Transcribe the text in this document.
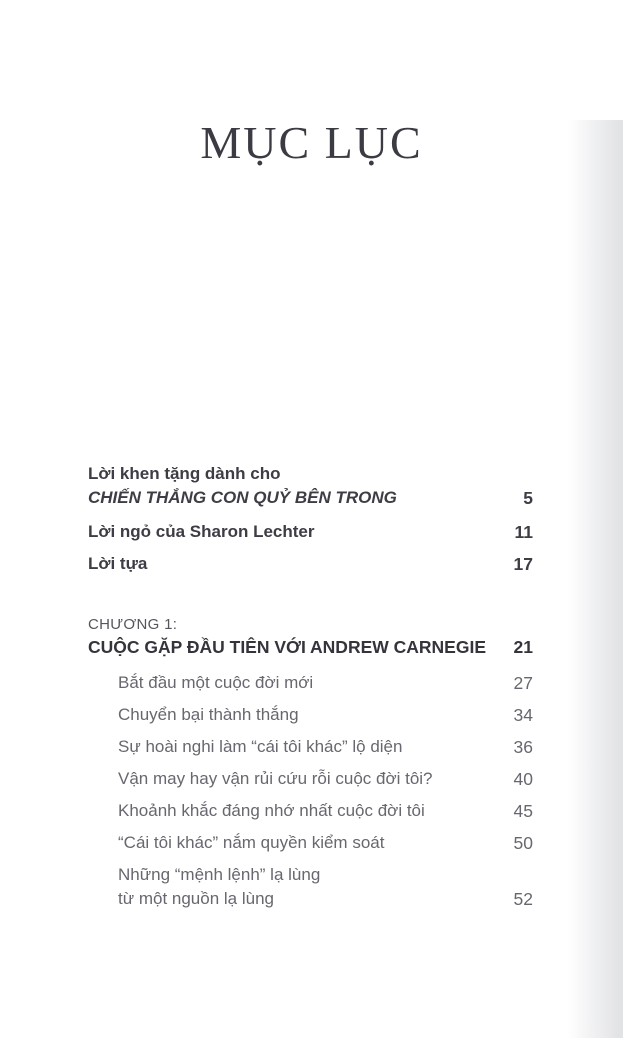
MỤC LỤC
Lời khen tặng dành cho
CHIẾN THẮNG CON QUỶ BÊN TRONG	5
Lời ngỏ của Sharon Lechter	11
Lời tựa	17
CHƯƠNG 1:
CUỘC GẶP ĐẦU TIÊN VỚI ANDREW CARNEGIE	21
Bắt đầu một cuộc đời mới	27
Chuyển bại thành thắng	34
Sự hoài nghi làm “cái tôi khác” lộ diện	36
Vận may hay vận rủi cứu rỗi cuộc đời tôi?	40
Khoảnh khắc đáng nhớ nhất cuộc đời tôi	45
“Cái tôi khác” nắm quyền kiểm soát	50
Những “mệnh lệnh” lạ lùng
từ một nguồn lạ lùng	52
